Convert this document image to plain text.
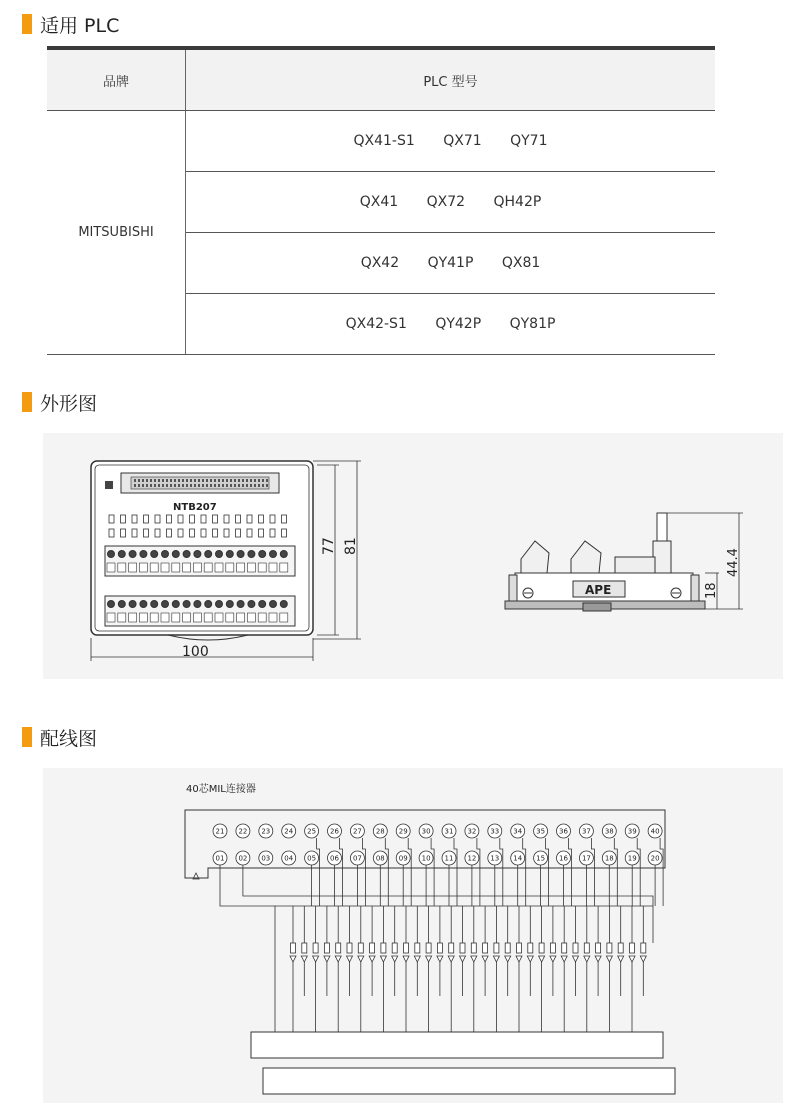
适用 PLC
品牌	PLC 型号
MITSUBISHI	QX41-S1 QX71 QY71
	QX41 QX72 QH42P
	QX42 QY41P QX81
	QX42-S1 QY42P QY81P
外形图
NTB207
100
77 81
APE	18
44.4
配线图
40芯MIL连接器
21 22 23 24 25 26 27 28 29 30 31 32 33 34 35 36 37 38 39 40
01 02 03 04 05 06 07 08 09 10 11 12 13 14 15 16 17 18 19 20
